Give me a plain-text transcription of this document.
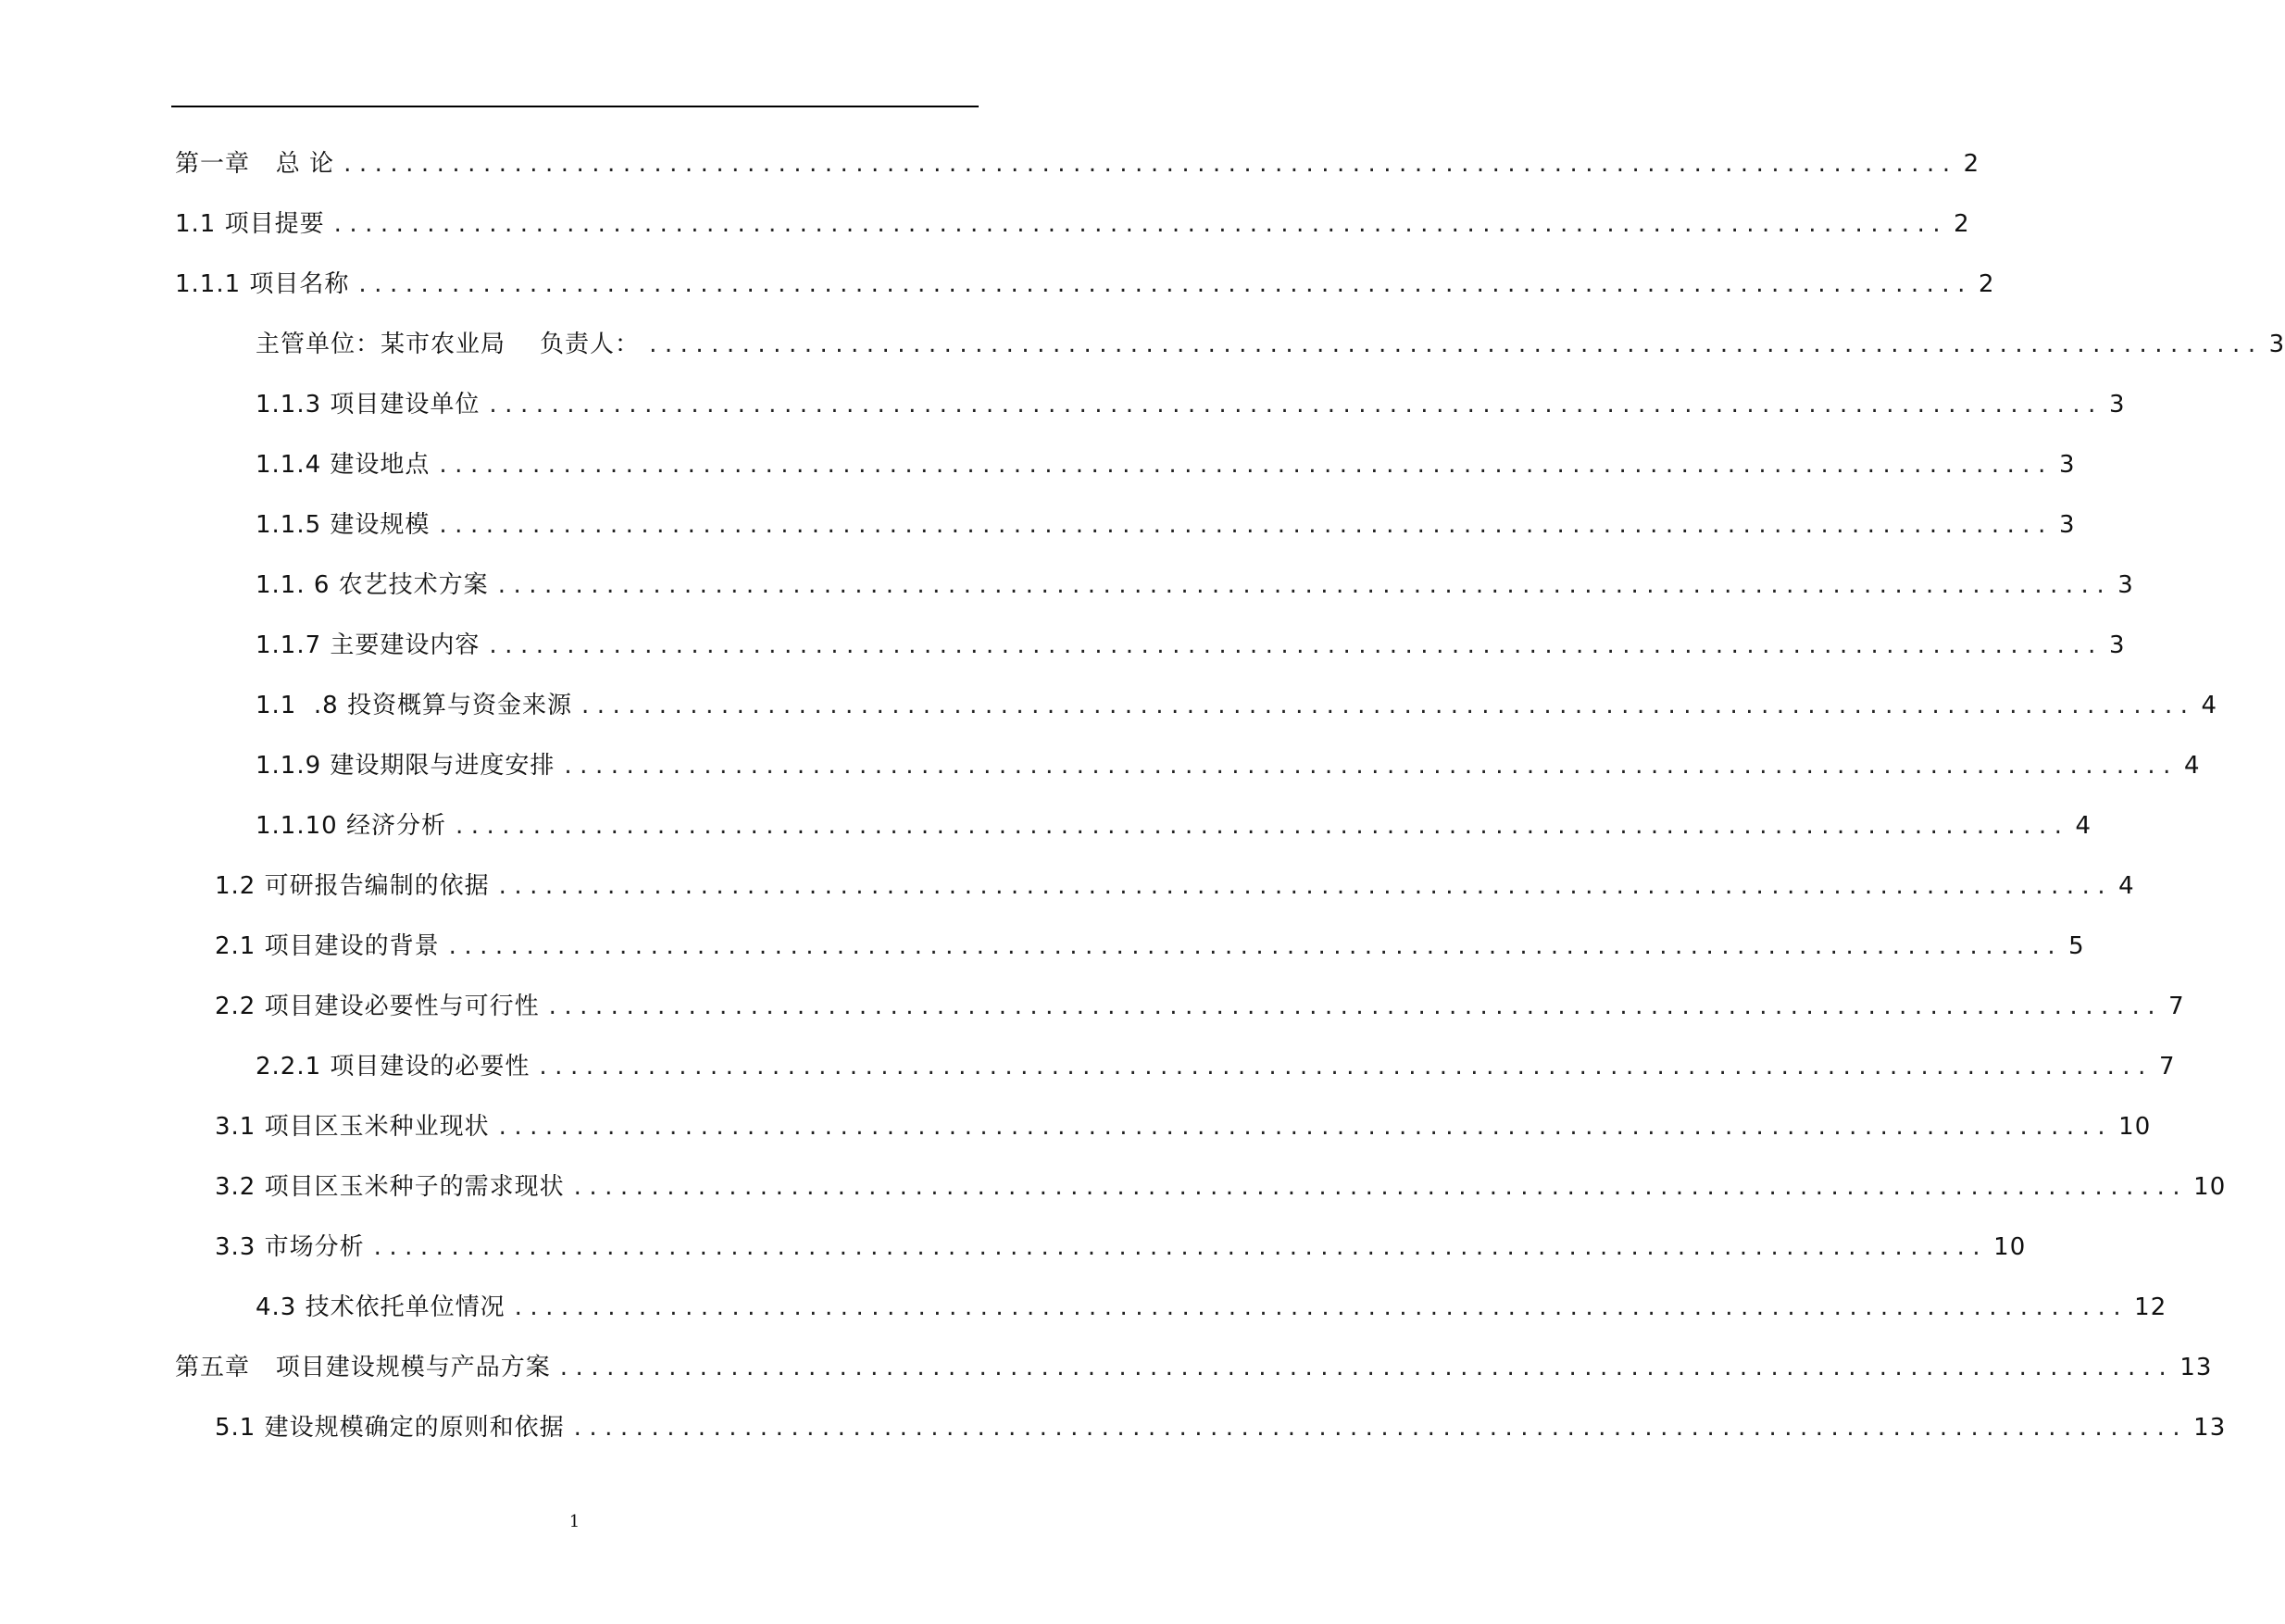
第一章   总 论 ........................................................................................................ 2
1.1 项目提要 ........................................................................................................ 2
1.1.1 项目名称 ........................................................................................................ 2
主管单位：某市农业局    负责人： ........................................................................................................ 3
1.1.3 项目建设单位 ........................................................................................................ 3
1.1.4 建设地点 ........................................................................................................ 3
1.1.5 建设规模 ........................................................................................................ 3
1.1. 6 农艺技术方案 ........................................................................................................ 3
1.1.7 主要建设内容 ........................................................................................................ 3
1.1  .8 投资概算与资金来源 ........................................................................................................ 4
1.1.9 建设期限与进度安排 ........................................................................................................ 4
1.1.10 经济分析 ........................................................................................................ 4
1.2 可研报告编制的依据 ........................................................................................................ 4
2.1 项目建设的背景 ........................................................................................................ 5
2.2 项目建设必要性与可行性 ........................................................................................................ 7
2.2.1 项目建设的必要性 ........................................................................................................ 7
3.1 项目区玉米种业现状 ........................................................................................................ 10
3.2 项目区玉米种子的需求现状 ........................................................................................................ 10
3.3 市场分析 ........................................................................................................ 10
4.3 技术依托单位情况 ........................................................................................................ 12
第五章   项目建设规模与产品方案 ........................................................................................................ 13
5.1 建设规模确定的原则和依据 ........................................................................................................ 13
1
